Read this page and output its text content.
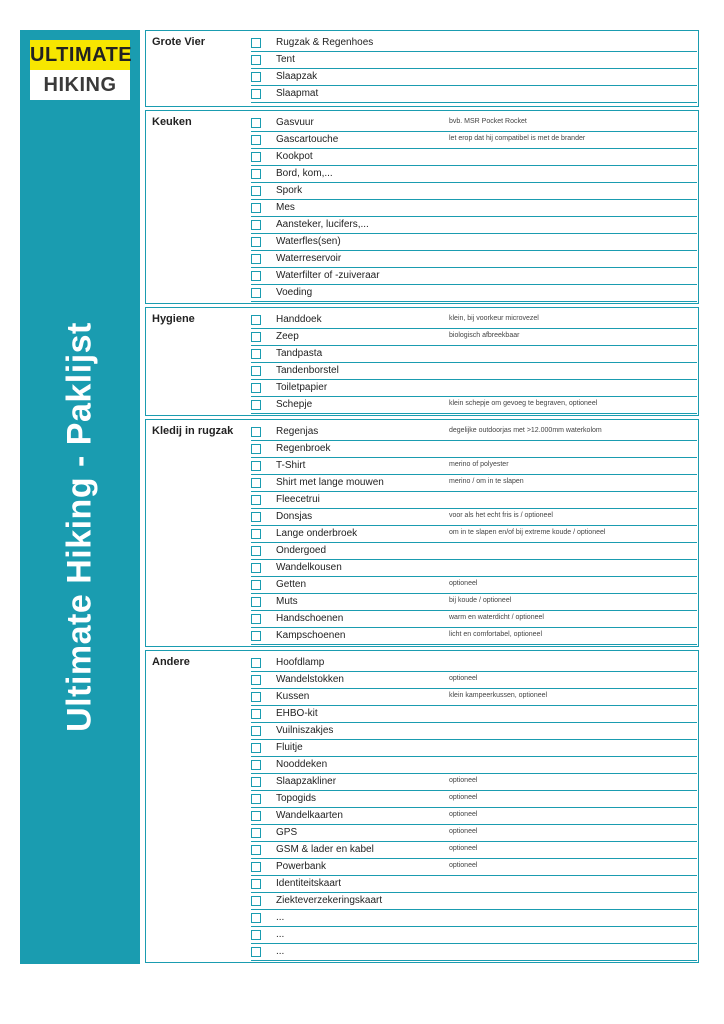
ULTIMATE
HIKING
Ultimate Hiking - Paklijst
Grote Vier	Rugzak & Regenhoes
Tent
Slaapzak
Slaapmat
Keuken	Gasvuur	bvb. MSR Pocket Rocket
Gascartouche	let erop dat hij compatibel is met de brander
Kookpot
Bord, kom,...
Spork
Mes
Aansteker, lucifers,...
Waterfles(sen)
Waterreservoir
Waterfilter of -zuiveraar
Voeding
Hygiene	Handdoek	klein, bij voorkeur microvezel
Zeep	biologisch afbreekbaar
Tandpasta
Tandenborstel
Toiletpapier
Schepje	klein schepje om gevoeg te begraven, optioneel
Kledij in rugzak	Regenjas	degelijke outdoorjas met >12.000mm waterkolom
Regenbroek
T-Shirt	merino of polyester
Shirt met lange mouwen	merino / om in te slapen
Fleecetrui
Donsjas	voor als het echt fris is / optioneel
Lange onderbroek	om in te slapen en/of bij extreme koude / optioneel
Ondergoed
Wandelkousen
Getten	optioneel
Muts	bij koude / optioneel
Handschoenen	warm en waterdicht / optioneel
Kampschoenen	licht en comfortabel, optioneel
Andere	Hoofdlamp
Wandelstokken	optioneel
Kussen	klein kampeerkussen, optioneel
EHBO-kit
Vuilniszakjes
Fluitje
Nooddeken
Slaapzakliner	optioneel
Topogids	optioneel
Wandelkaarten	optioneel
GPS	optioneel
GSM & lader en kabel	optioneel
Powerbank	optioneel
Identiteitskaart
Ziekteverzekeringskaart
...
...
...
